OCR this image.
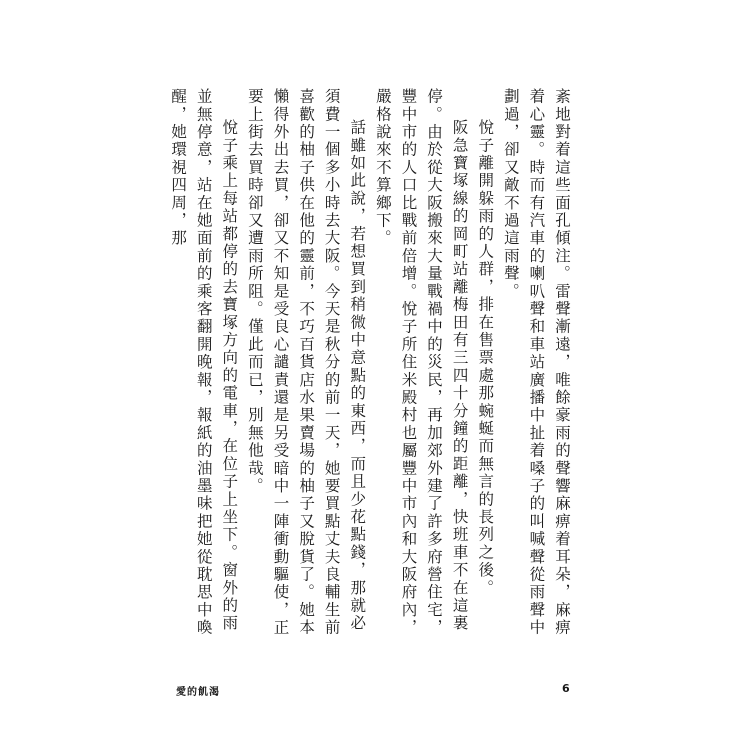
紊地對着這些面孔傾注。雷聲漸遠，唯餘豪雨的聲響麻痹着耳朵，麻痹着心靈。時而有汽車的喇叭聲和車站廣播中扯着嗓子的叫喊聲從雨聲中劃過，卻又敵不過這雨聲。

悅子離開躲雨的人群，排在售票處那蜿蜒而無言的長列之後。

阪急寶塚線的岡町站離梅田有三四十分鐘的距離，快班車不在這裏停。由於從大阪搬來大量戰禍中的災民，再加郊外建了許多府營住宅，豐中市的人口比戰前倍增。悅子所住米殿村也屬豐中市內和大阪府內，嚴格說來不算鄉下。

話雖如此說，若想買到稍微中意點的東西，而且少花點錢，那就必須費一個多小時去大阪。今天是秋分的前一天，她要買點丈夫良輔生前喜歡的柚子供在他的靈前，不巧百貨店水果賣場的柚子又脫貨了。她本懶得外出去買，卻又不知是受良心譴責還是另受暗中一陣衝動驅使，正要上街去買時卻又遭雨所阻。僅此而已，別無他哉。

悅子乘上每站都停的去寶塚方向的電車，在位子上坐下。窗外的雨並無停意，站在她面前的乘客翻開晚報，報紙的油墨味把她從耽思中喚醒，她環視四周，那

愛的飢渴	6
